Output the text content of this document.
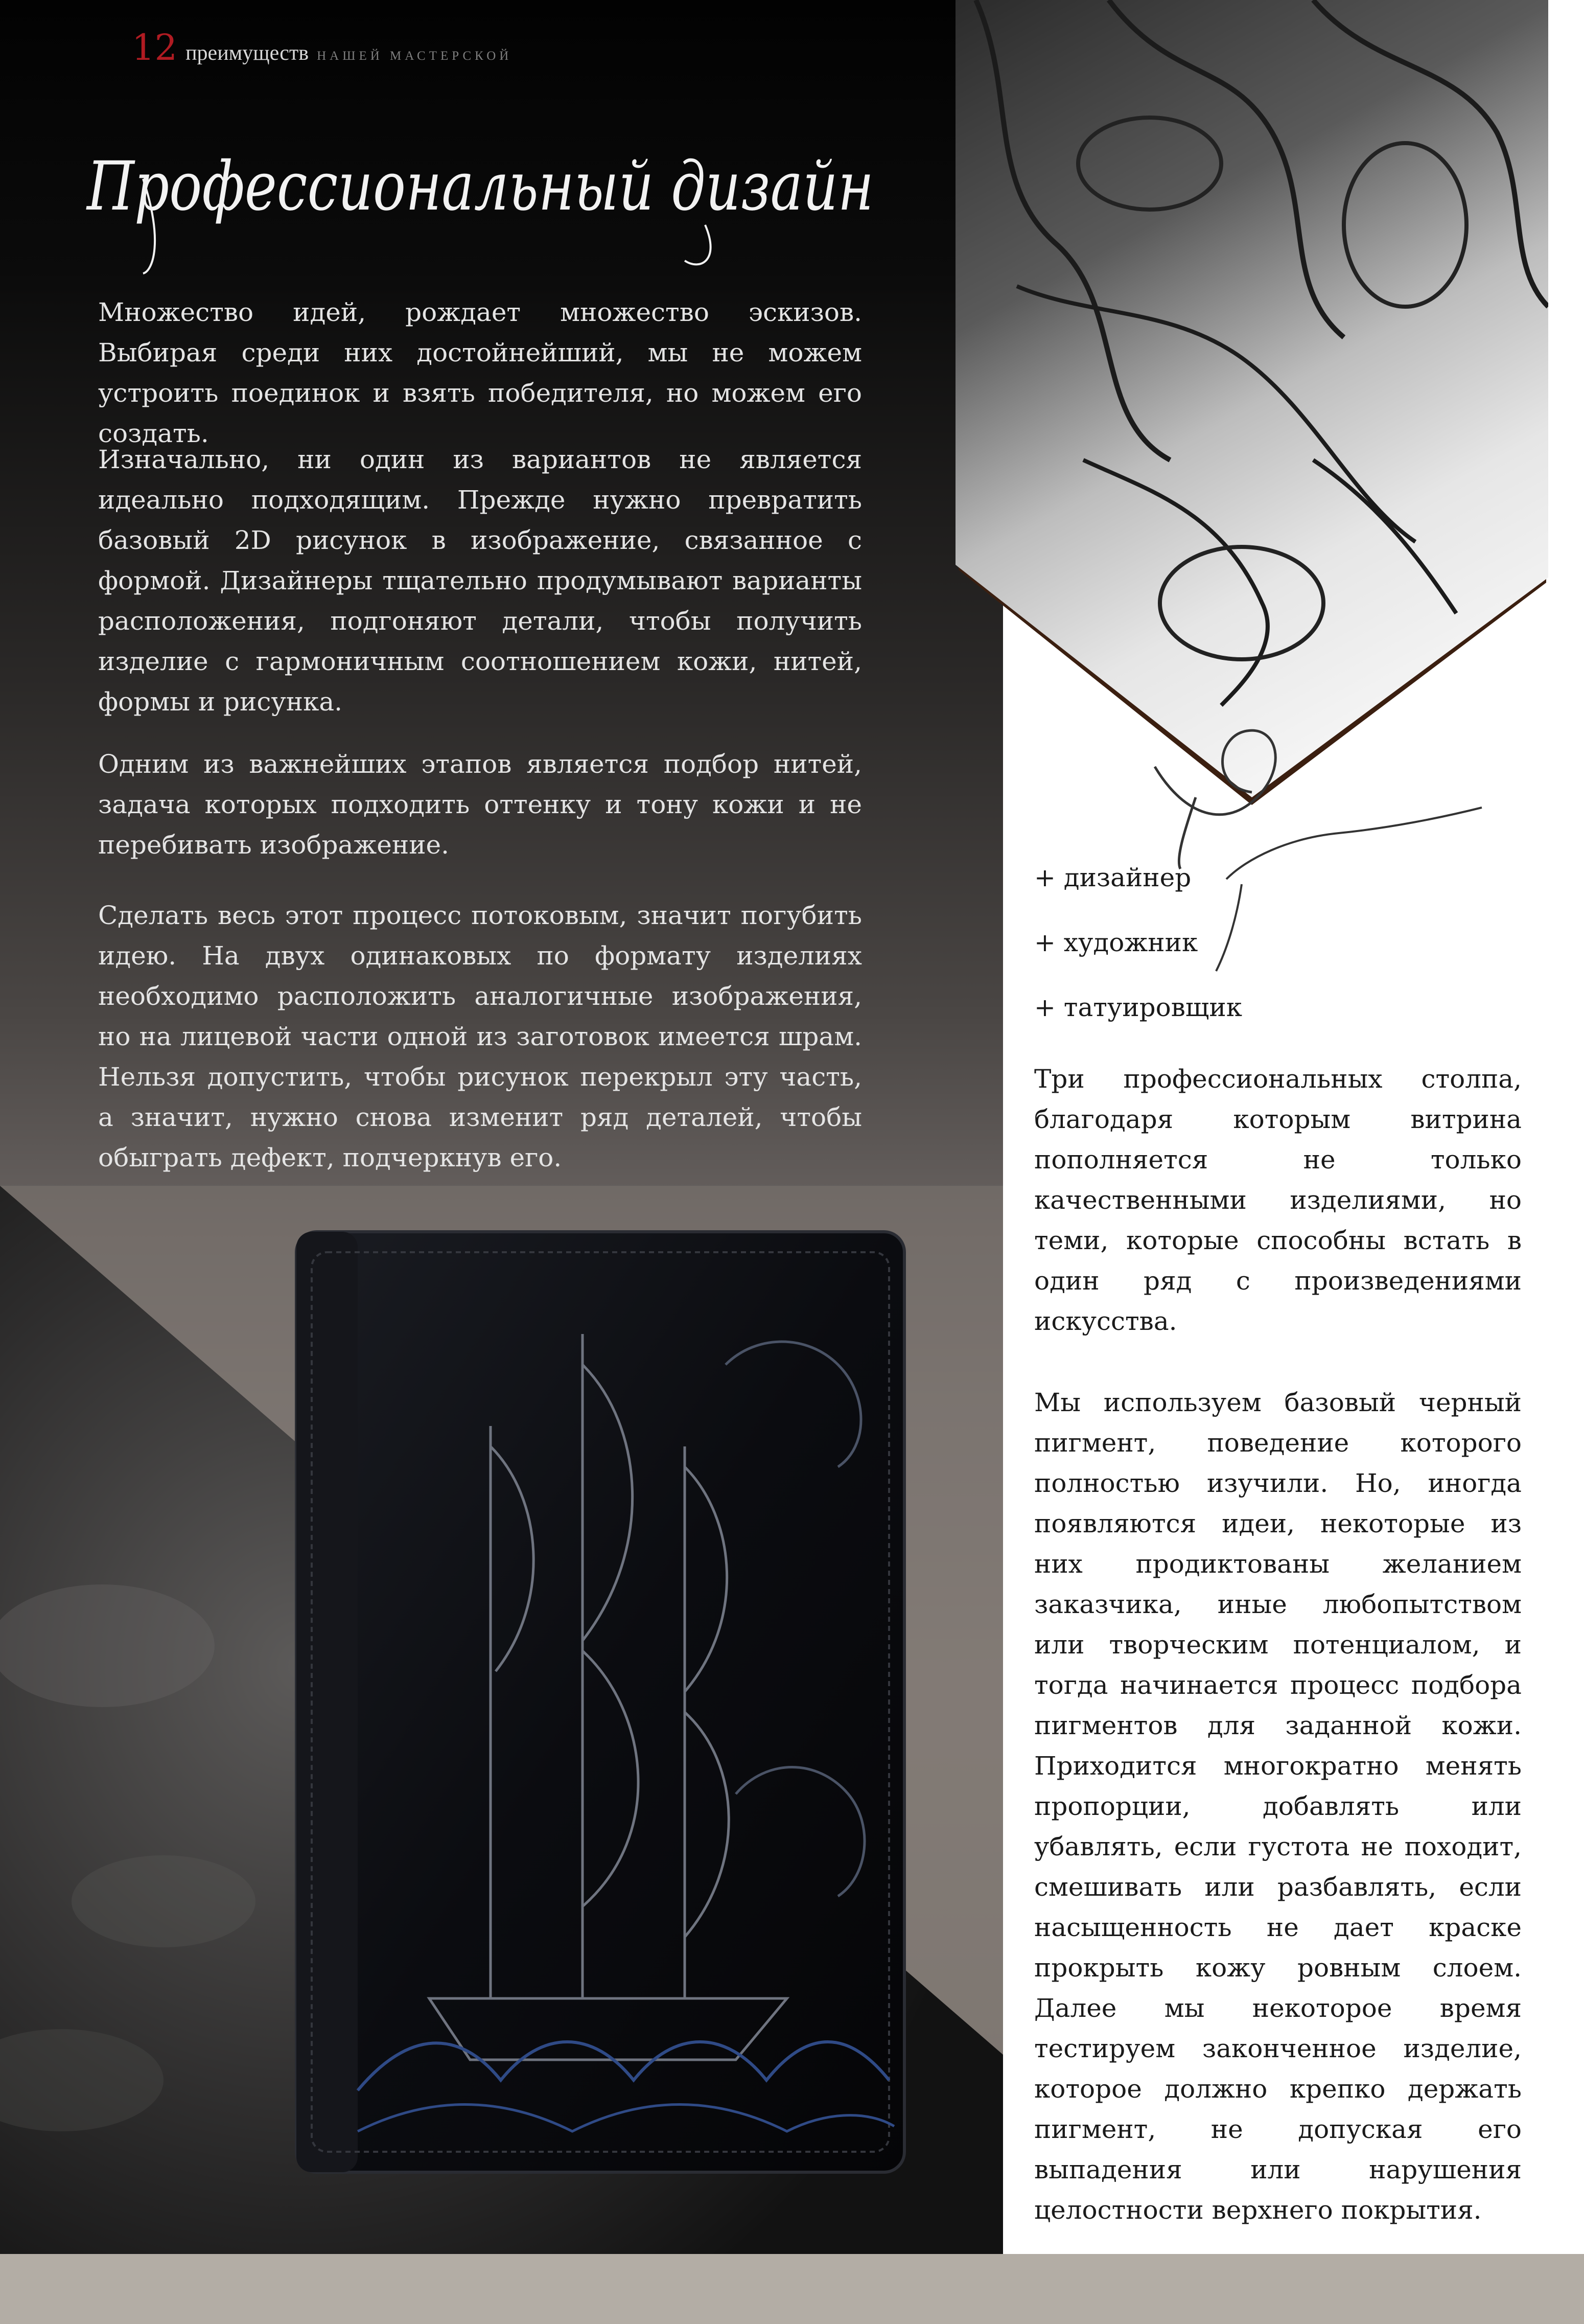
12 преимуществ НАШЕЙ МАСТЕРСКОЙ
Профессиональный дизайн

Множество идей, рождает множество эскизов. Выбирая среди них достойнейший, мы не можем устроить поединок и взять победителя, но можем его создать.

Изначально, ни один из вариантов не является идеально подходящим. Прежде нужно превратить базовый 2D рисунок в изображение, связанное с формой. Дизайнеры тщательно продумывают варианты расположения, подгоняют детали, чтобы получить изделие с гармоничным соотношением кожи, нитей, формы и рисунка.

Одним из важнейших этапов является подбор нитей, задача которых подходить оттенку и тону кожи и не перебивать изображение.

Сделать весь этот процесс потоковым, значит погубить идею. На двух одинаковых по формату изделиях необходимо расположить аналогичные изображения, но на лицевой части одной из заготовок имеется шрам. Нельзя допустить, чтобы рисунок перекрыл эту часть, а значит, нужно снова изменит ряд деталей, чтобы обыграть дефект, подчеркнув его.

+ дизайнер
+ художник
+ татуировщик

Три профессиональных столпа, благодаря которым витрина пополняется не только качественными изделиями, но теми, которые способны встать в один ряд с произведениями искусства.

Мы используем базовый черный пигмент, поведение которого полностью изучили. Но, иногда появляются идеи, некоторые из них продиктованы желанием заказчика, иные любопытством или творческим потенциалом, и тогда начинается процесс подбора пигментов для заданной кожи. Приходится многократно менять пропорции, добавлять или убавлять, если густота не походит, смешивать или разбавлять, если насыщенность не дает краске прокрыть кожу ровным слоем. Далее мы некоторое время тестируем законченное изделие, которое должно крепко держать пигмент, не допуская его выпадения или нарушения целостности верхнего покрытия.
